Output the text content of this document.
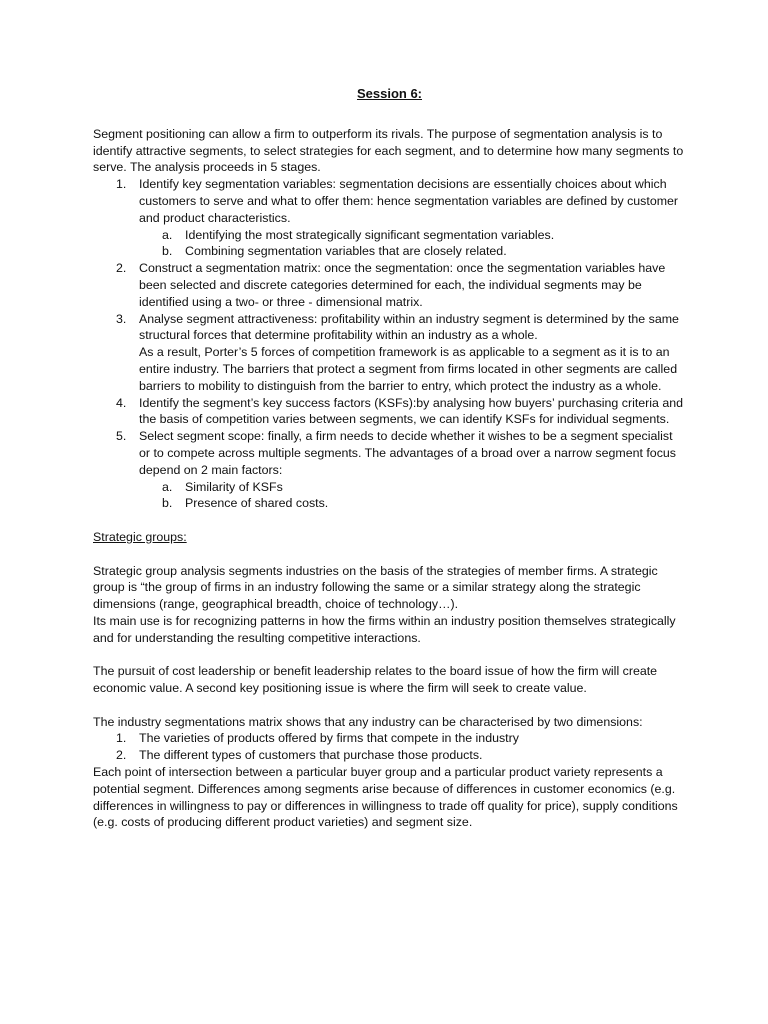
Session 6:

Segment positioning can allow a firm to outperform its rivals. The purpose of segmentation analysis is to identify attractive segments, to select strategies for each segment, and to determine how many segments to serve. The analysis proceeds in 5 stages.

1. Identify key segmentation variables: segmentation decisions are essentially choices about which customers to serve and what to offer them: hence segmentation variables are defined by customer and product characteristics.
a. Identifying the most strategically significant segmentation variables.
b. Combining segmentation variables that are closely related.
2. Construct a segmentation matrix: once the segmentation: once the segmentation variables have been selected and discrete categories determined for each, the individual segments may be identified using a two- or three - dimensional matrix.
3. Analyse segment attractiveness: profitability within an industry segment is determined by the same structural forces that determine profitability within an industry as a whole.
As a result, Porter’s 5 forces of competition framework is as applicable to a segment as it is to an entire industry. The barriers that protect a segment from firms located in other segments are called barriers to mobility to distinguish from the barrier to entry, which protect the industry as a whole.
4. Identify the segment’s key success factors (KSFs):by analysing how buyers’ purchasing criteria and the basis of competition varies between segments, we can identify KSFs for individual segments.
5. Select segment scope: finally, a firm needs to decide whether it wishes to be a segment specialist or to compete across multiple segments. The advantages of a broad over a narrow segment focus depend on 2 main factors:
a. Similarity of KSFs
b. Presence of shared costs.

Strategic groups:

Strategic group analysis segments industries on the basis of the strategies of member firms. A strategic group is “the group of firms in an industry following the same or a similar strategy along the strategic dimensions (range, geographical breadth, choice of technology…).

Its main use is for recognizing patterns in how the firms within an industry position themselves strategically and for understanding the resulting competitive interactions.

The pursuit of cost leadership or benefit leadership relates to the board issue of how the firm will create economic value. A second key positioning issue is where the firm will seek to create value.

The industry segmentations matrix shows that any industry can be characterised by two dimensions:

1. The varieties of products offered by firms that compete in the industry
2. The different types of customers that purchase those products.

Each point of intersection between a particular buyer group and a particular product variety represents a potential segment. Differences among segments arise because of differences in customer economics (e.g. differences in willingness to pay or differences in willingness to trade off quality for price), supply conditions (e.g. costs of producing different product varieties) and segment size.
